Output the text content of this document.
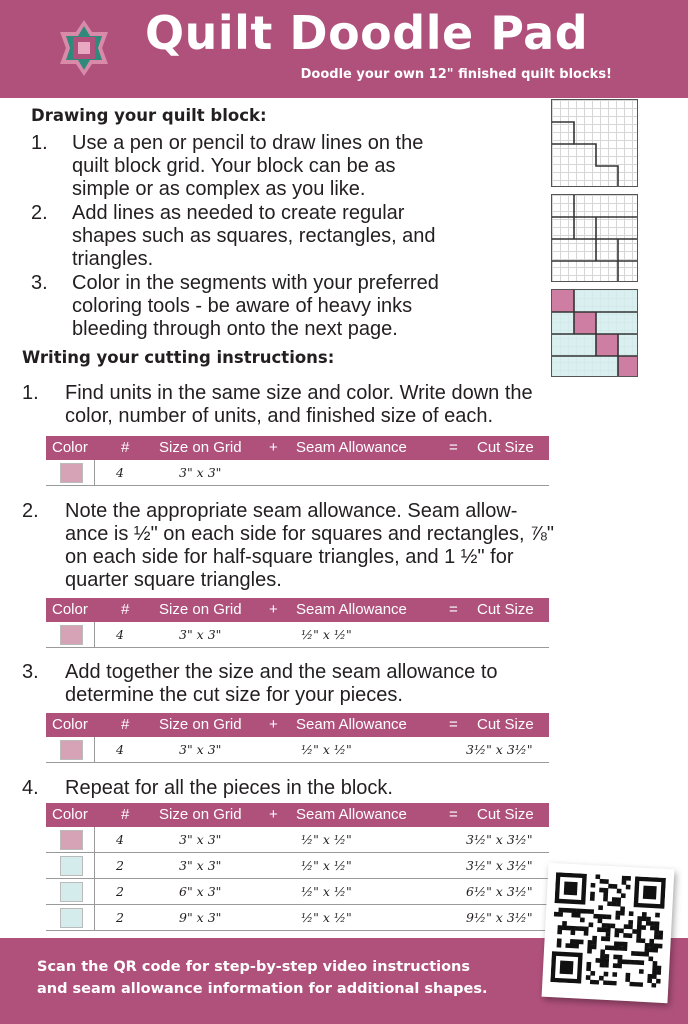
Quilt Doodle Pad
Doodle your own 12" finished quilt blocks!
Drawing your quilt block:
1. Use a pen or pencil to draw lines on the
quilt block grid. Your block can be as
simple or as complex as you like.
2. Add lines as needed to create regular
shapes such as squares, rectangles, and
triangles.
3. Color in the segments with your preferred
coloring tools - be aware of heavy inks
bleeding through onto the next page.
Writing your cutting instructions:
1. Find units in the same size and color. Write down the
color, number of units, and finished size of each.
Color # Size on Grid + Seam Allowance	= Cut Size
4	3" x 3"
2. Note the appropriate seam allowance. Seam allow-
ance is ½" on each side for squares and rectangles, ⅞"
on each side for half-square triangles, and 1 ½" for
quarter square triangles.
Color # Size on Grid + Seam Allowance	= Cut Size
4	3" x 3"	½" x ½"
3. Add together the size and the seam allowance to
determine the cut size for your pieces.
Color # Size on Grid + Seam Allowance	= Cut Size
4	3" x 3"	½" x ½"	3½" x 3½"
4. Repeat for all the pieces in the block.
Color # Size on Grid + Seam Allowance	= Cut Size
4	3" x 3"	½" x ½"	3½" x 3½"
2	3" x 3"	½" x ½"	3½" x 3½"
2	6" x 3"	½" x ½"	6½" x 3½"
2	9" x 3"	½" x ½"	9½" x 3½"
Scan the QR code for step-by-step video instructions
and seam allowance information for additional shapes.
